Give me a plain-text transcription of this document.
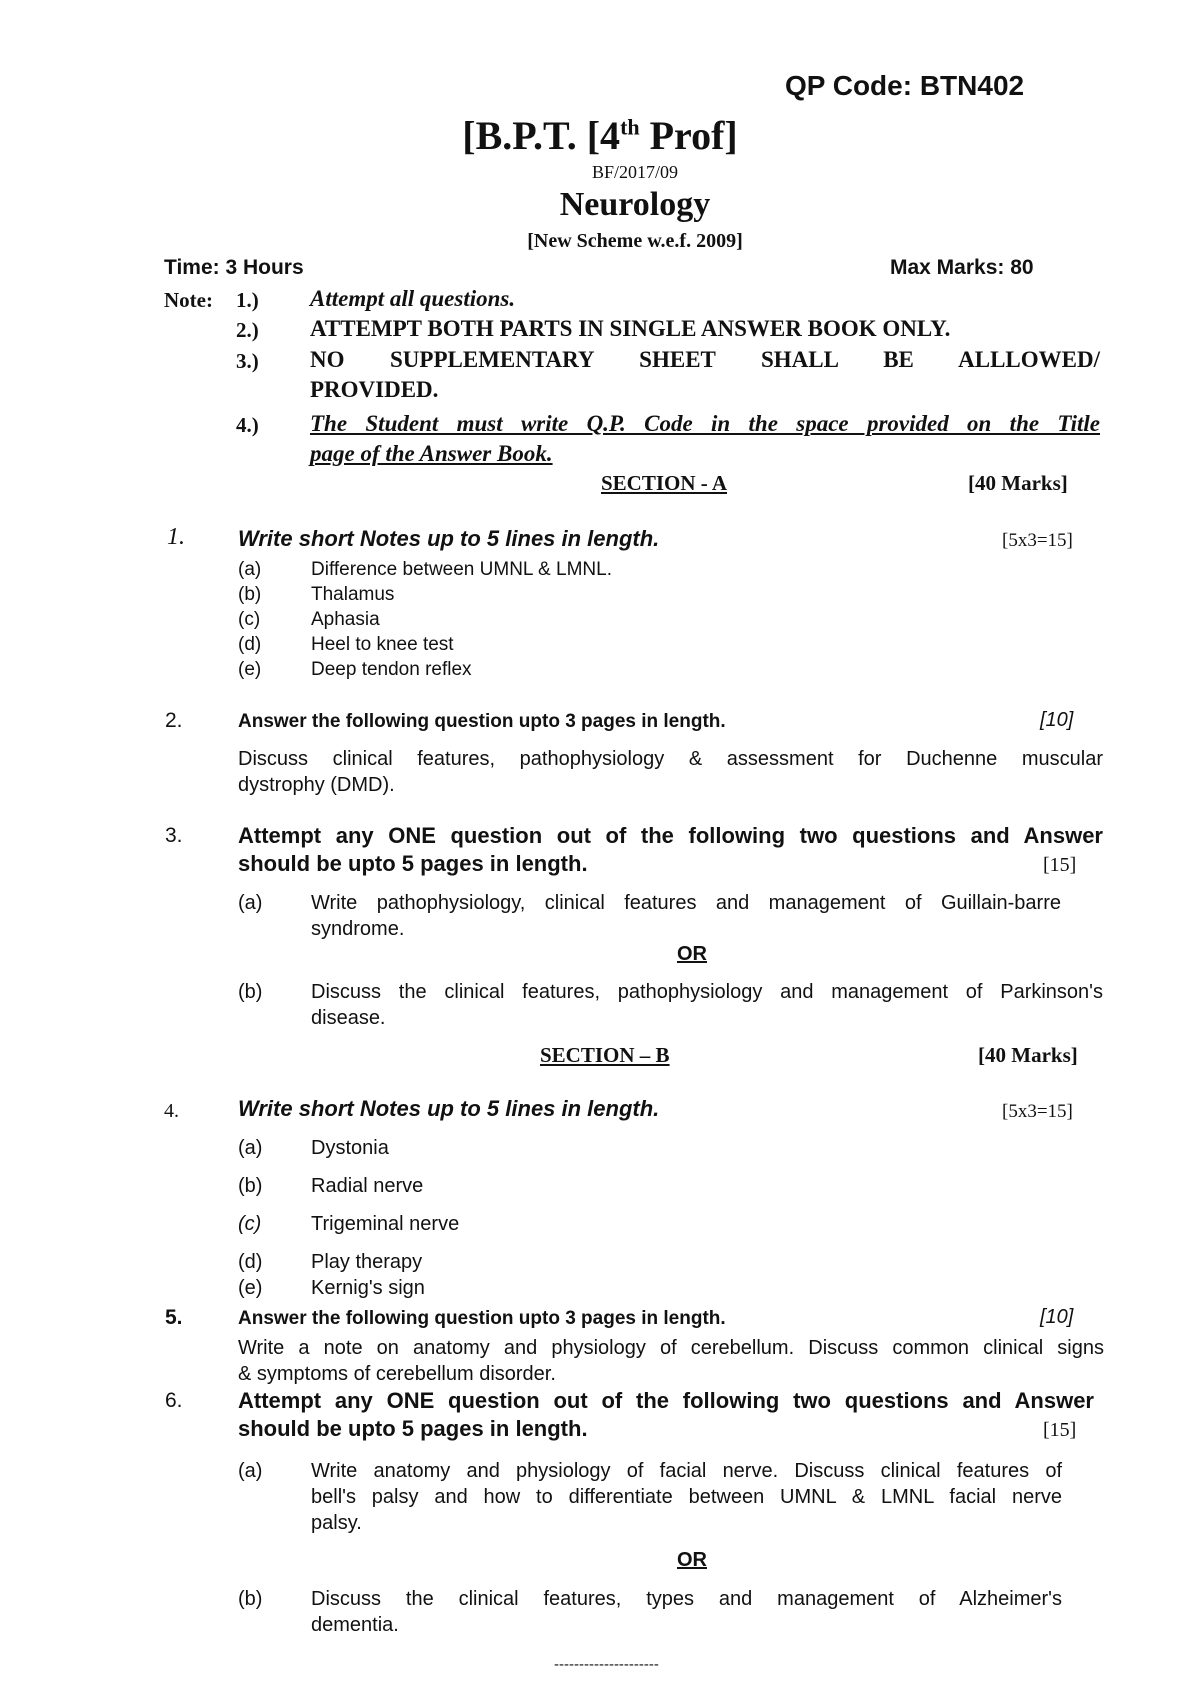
QP Code: BTN402
[B.P.T. [4th Prof]
BF/2017/09
Neurology
[New Scheme w.e.f. 2009]
Time: 3 Hours	Max Marks: 80
Note: 1.) Attempt all questions.
2.) ATTEMPT BOTH PARTS IN SINGLE ANSWER BOOK ONLY.
3.) NO SUPPLEMENTARY SHEET SHALL BE ALLLOWED/
PROVIDED.
4.) The Student must write Q.P. Code in the space provided on the Title
page of the Answer Book.
SECTION - A	[40 Marks]
1. Write short Notes up to 5 lines in length.	[5x3=15]
(a)	Difference between UMNL & LMNL.
(b)	Thalamus
(c)	Aphasia
(d)	Heel to knee test
(e)	Deep tendon reflex
2.	Answer the following question upto 3 pages in length.	[10]
Discuss clinical features, pathophysiology & assessment for Duchenne muscular
dystrophy (DMD).
3.	Attempt any ONE question out of the following two questions and Answer
should be upto 5 pages in length.	[15]
(a) Write pathophysiology, clinical features and management of Guillain-barre
syndrome.
OR
(b) Discuss the clinical features, pathophysiology and management of Parkinson's
disease.
SECTION – B	[40 Marks]
4.	Write short Notes up to 5 lines in length.	[5x3=15]
(a) Dystonia
(b) Radial nerve
(c) Trigeminal nerve
(d) Play therapy
(e) Kernig's sign
5.	Answer the following question upto 3 pages in length.	[10]
Write a note on anatomy and physiology of cerebellum. Discuss common clinical signs
& symptoms of cerebellum disorder.
6.	Attempt any ONE question out of the following two questions and Answer
should be upto 5 pages in length.	[15]
(a) Write anatomy and physiology of facial nerve. Discuss clinical features of
bell's palsy and how to differentiate between UMNL & LMNL facial nerve
palsy.
OR
(b) Discuss the clinical features, types and management of Alzheimer's
dementia.
---------------------
